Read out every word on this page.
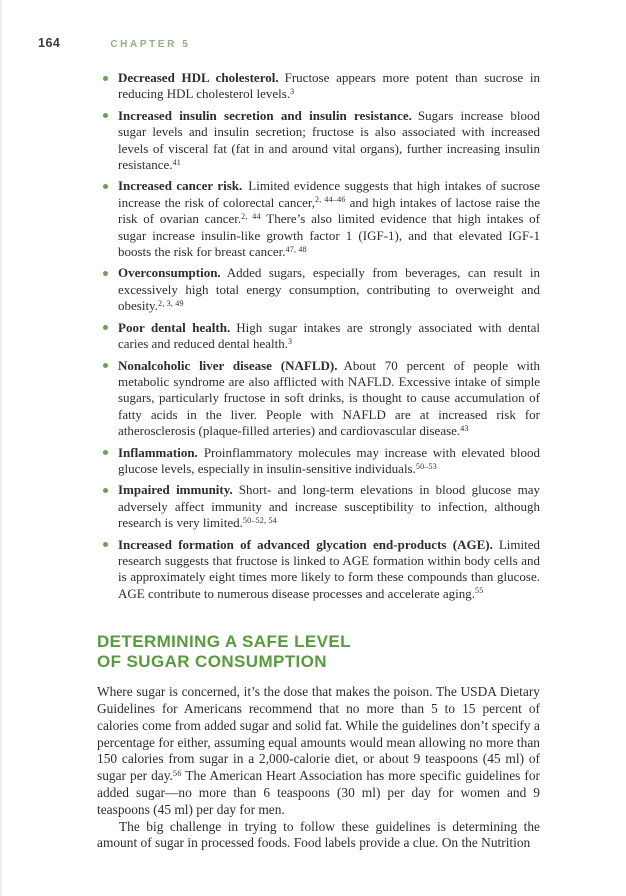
164	CHAPTER 5
Decreased HDL cholesterol. Fructose appears more potent than sucrose in reducing HDL cholesterol levels.$^3$
Increased insulin secretion and insulin resistance. Sugars increase blood sugar levels and insulin secretion; fructose is also associated with increased levels of visceral fat (fat in and around vital organs), further increasing insulin resistance.$^{41}$
Increased cancer risk. Limited evidence suggests that high intakes of sucrose increase the risk of colorectal cancer,$^{2, 44-46}$ and high intakes of lactose raise the risk of ovarian cancer.$^{2, 44}$ There’s also limited evidence that high intakes of sugar increase insulin-like growth factor 1 (IGF-1), and that elevated IGF-1 boosts the risk for breast cancer.$^{47, 48}$
Overconsumption. Added sugars, especially from beverages, can result in excessively high total energy consumption, contributing to overweight and obesity.$^{2, 3, 49}$
Poor dental health. High sugar intakes are strongly associated with dental caries and reduced dental health.$^3$
Nonalcoholic liver disease (NAFLD). About 70 percent of people with metabolic syndrome are also afflicted with NAFLD. Excessive intake of simple sugars, particularly fructose in soft drinks, is thought to cause accumulation of fatty acids in the liver. People with NAFLD are at increased risk for atherosclerosis (plaque-filled arteries) and cardiovascular disease.$^{43}$
Inflammation. Proinflammatory molecules may increase with elevated blood glucose levels, especially in insulin-sensitive individuals.$^{50-53}$
Impaired immunity. Short- and long-term elevations in blood glucose may adversely affect immunity and increase susceptibility to infection, although research is very limited.$^{50-52, 54}$
Increased formation of advanced glycation end-products (AGE). Limited research suggests that fructose is linked to AGE formation within body cells and is approximately eight times more likely to form these compounds than glucose. AGE contribute to numerous disease processes and accelerate aging.$^{55}$
DETERMINING A SAFE LEVEL
OF SUGAR CONSUMPTION

Where sugar is concerned, it’s the dose that makes the poison. The USDA Dietary Guidelines for Americans recommend that no more than 5 to 15 percent of calories come from added sugar and solid fat. While the guidelines don’t specify a percentage for either, assuming equal amounts would mean allowing no more than 150 calories from sugar in a 2,000-calorie diet, or about 9 teaspoons (45 ml) of sugar per day.$^{56}$ The American Heart Association has more specific guidelines for added sugar—no more than 6 teaspoons (30 ml) per day for women and 9 teaspoons (45 ml) per day for men.

The big challenge in trying to follow these guidelines is determining the amount of sugar in processed foods. Food labels provide a clue. On the Nutrition
